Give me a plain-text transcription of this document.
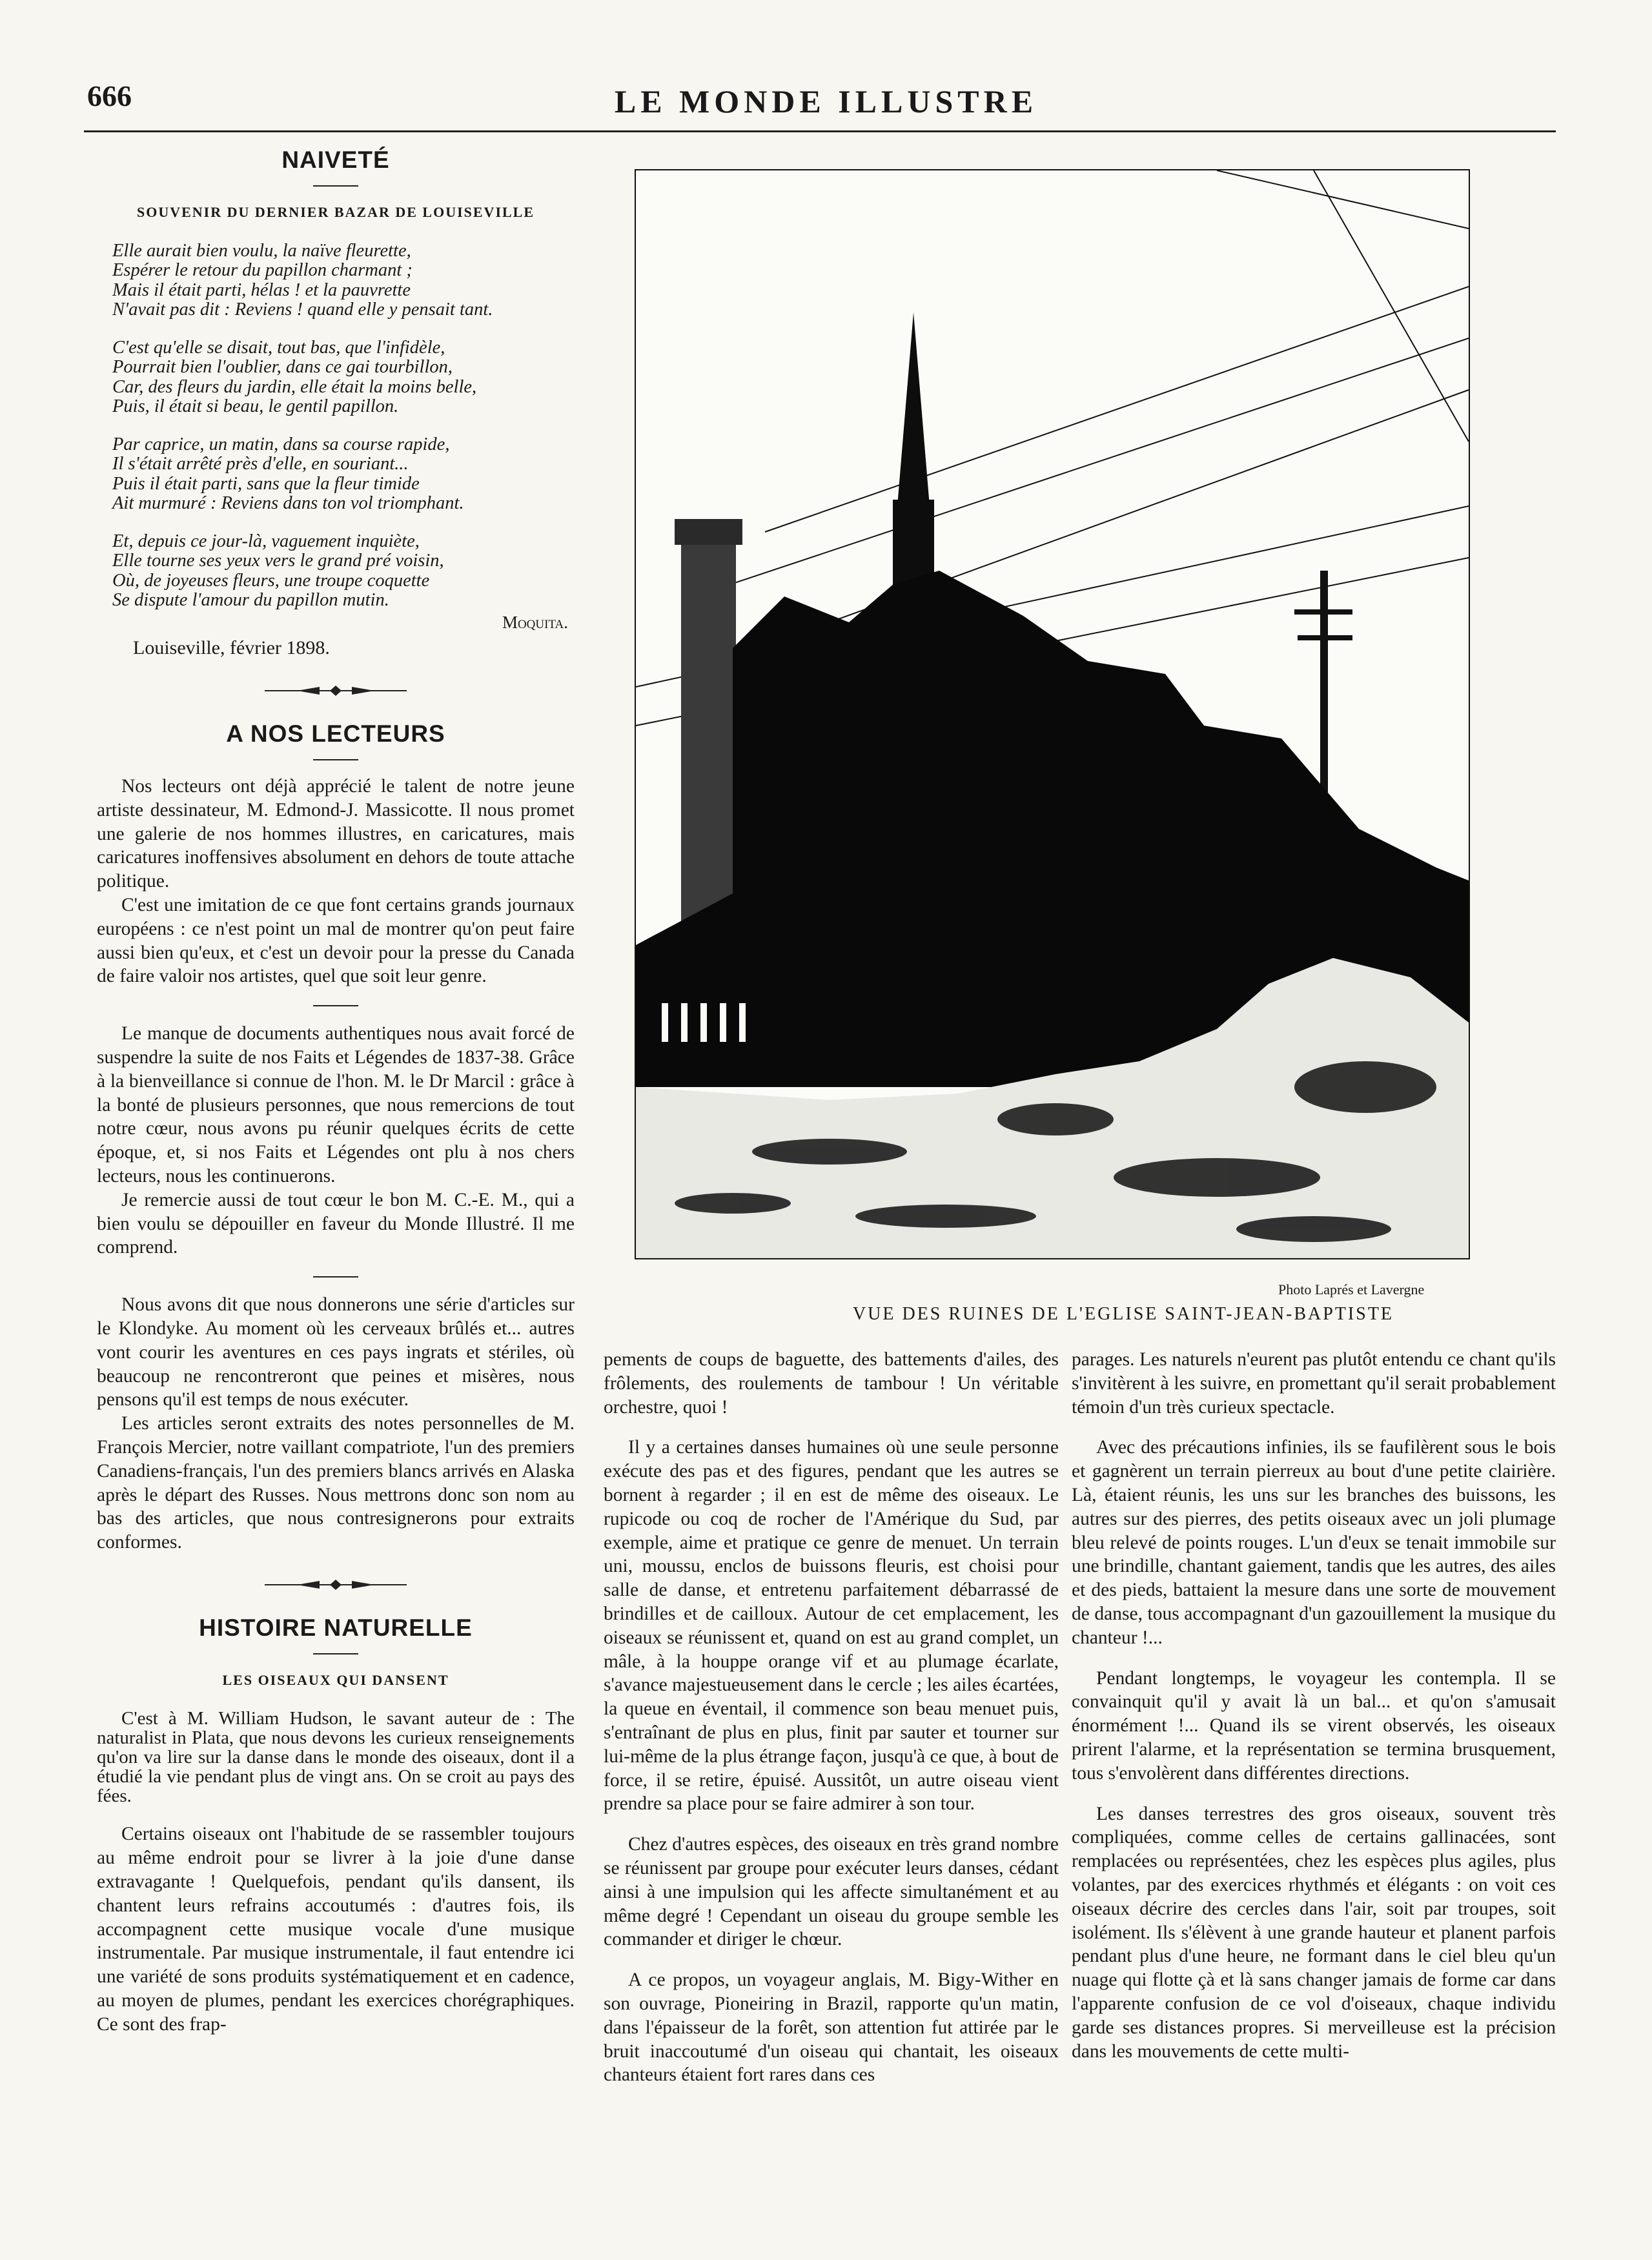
666	LE MONDE ILLUSTRE
NAIVETÉ
SOUVENIR DU DERNIER BAZAR DE LOUISEVILLE
Elle aurait bien voulu, la naïve fleurette,
Espérer le retour du papillon charmant ;
Mais il était parti, hélas ! et la pauvrette
N'avait pas dit : Reviens ! quand elle y pensait tant.
C'est qu'elle se disait, tout bas, que l'infidèle,
Pourrait bien l'oublier, dans ce gai tourbillon,
Car, des fleurs du jardin, elle était la moins belle,
Puis, il était si beau, le gentil papillon.
Par caprice, un matin, dans sa course rapide,
Il s'était arrêté près d'elle, en souriant...
Puis il était parti, sans que la fleur timide
Ait murmuré : Reviens dans ton vol triomphant.
Et, depuis ce jour-là, vaguement inquiète,
Elle tourne ses yeux vers le grand pré voisin,
Où, de joyeuses fleurs, une troupe coquette
Se dispute l'amour du papillon mutin.
Moquita.
Louiseville, février 1898.
A NOS LECTEURS

Nos lecteurs ont déjà apprécié le talent de notre jeune artiste dessinateur, M. Edmond-J. Massicotte. Il nous promet une galerie de nos hommes illustres, en caricatures, mais caricatures inoffensives absolument en dehors de toute attache politique.

C'est une imitation de ce que font certains grands journaux européens : ce n'est point un mal de montrer qu'on peut faire aussi bien qu'eux, et c'est un devoir pour la presse du Canada de faire valoir nos artistes, quel que soit leur genre.

Le manque de documents authentiques nous avait forcé de suspendre la suite de nos Faits et Légendes de 1837-38. Grâce à la bienveillance si connue de l'hon. M. le Dr Marcil : grâce à la bonté de plusieurs personnes, que nous remercions de tout notre cœur, nous avons pu réunir quelques écrits de cette époque, et, si nos Faits et Légendes ont plu à nos chers lecteurs, nous les continuerons.

Je remercie aussi de tout cœur le bon M. C.-E. M., qui a bien voulu se dépouiller en faveur du Monde Illustré. Il me comprend.

Nous avons dit que nous donnerons une série d'articles sur le Klondyke. Au moment où les cerveaux brûlés et... autres vont courir les aventures en ces pays ingrats et stériles, où beaucoup ne rencontreront que peines et misères, nous pensons qu'il est temps de nous exécuter.

Les articles seront extraits des notes personnelles de M. François Mercier, notre vaillant compatriote, l'un des premiers Canadiens-français, l'un des premiers blancs arrivés en Alaska après le départ des Russes. Nous mettrons donc son nom au bas des articles, que nous contresignerons pour extraits conformes.

HISTOIRE NATURELLE
LES OISEAUX QUI DANSENT

C'est à M. William Hudson, le savant auteur de : The naturalist in Plata, que nous devons les curieux renseignements qu'on va lire sur la danse dans le monde des oiseaux, dont il a étudié la vie pendant plus de vingt ans. On se croit au pays des fées.

Certains oiseaux ont l'habitude de se rassembler toujours au même endroit pour se livrer à la joie d'une danse extravagante ! Quelquefois, pendant qu'ils dansent, ils chantent leurs refrains accoutumés : d'autres fois, ils accompagnent cette musique vocale d'une musique instrumentale. Par musique instrumentale, il faut entendre ici une variété de sons produits systématiquement et en cadence, au moyen de plumes, pendant les exercices chorégraphiques. Ce sont des frap-

Photo Laprés et Lavergne
VUE DES RUINES DE L'EGLISE SAINT-JEAN-BAPTISTE

pements de coups de baguette, des battements d'ailes, des frôlements, des roulements de tambour ! Un véritable orchestre, quoi !

Il y a certaines danses humaines où une seule personne exécute des pas et des figures, pendant que les autres se bornent à regarder ; il en est de même des oiseaux. Le rupicode ou coq de rocher de l'Amérique du Sud, par exemple, aime et pratique ce genre de menuet. Un terrain uni, moussu, enclos de buissons fleuris, est choisi pour salle de danse, et entretenu parfaitement débarrassé de brindilles et de cailloux. Autour de cet emplacement, les oiseaux se réunissent et, quand on est au grand complet, un mâle, à la houppe orange vif et au plumage écarlate, s'avance majestueusement dans le cercle ; les ailes écartées, la queue en éventail, il commence son beau menuet puis, s'entraînant de plus en plus, finit par sauter et tourner sur lui-même de la plus étrange façon, jusqu'à ce que, à bout de force, il se retire, épuisé. Aussitôt, un autre oiseau vient prendre sa place pour se faire admirer à son tour.

Chez d'autres espèces, des oiseaux en très grand nombre se réunissent par groupe pour exécuter leurs danses, cédant ainsi à une impulsion qui les affecte simultanément et au même degré ! Cependant un oiseau du groupe semble les commander et diriger le chœur.

A ce propos, un voyageur anglais, M. Bigy-Wither en son ouvrage, Pioneiring in Brazil, rapporte qu'un matin, dans l'épaisseur de la forêt, son attention fut attirée par le bruit inaccoutumé d'un oiseau qui chantait, les oiseaux chanteurs étaient fort rares dans ces

parages. Les naturels n'eurent pas plutôt entendu ce chant qu'ils s'invitèrent à les suivre, en promettant qu'il serait probablement témoin d'un très curieux spectacle.

Avec des précautions infinies, ils se faufilèrent sous le bois et gagnèrent un terrain pierreux au bout d'une petite clairière. Là, étaient réunis, les uns sur les branches des buissons, les autres sur des pierres, des petits oiseaux avec un joli plumage bleu relevé de points rouges. L'un d'eux se tenait immobile sur une brindille, chantant gaiement, tandis que les autres, des ailes et des pieds, battaient la mesure dans une sorte de mouvement de danse, tous accompagnant d'un gazouillement la musique du chanteur !...

Pendant longtemps, le voyageur les contempla. Il se convainquit qu'il y avait là un bal... et qu'on s'amusait énormément !... Quand ils se virent observés, les oiseaux prirent l'alarme, et la représentation se termina brusquement, tous s'envolèrent dans différentes directions.

Les danses terrestres des gros oiseaux, souvent très compliquées, comme celles de certains gallinacées, sont remplacées ou représentées, chez les espèces plus agiles, plus volantes, par des exercices rhythmés et élégants : on voit ces oiseaux décrire des cercles dans l'air, soit par troupes, soit isolément. Ils s'élèvent à une grande hauteur et planent parfois pendant plus d'une heure, ne formant dans le ciel bleu qu'un nuage qui flotte çà et là sans changer jamais de forme car dans l'apparente confusion de ce vol d'oiseaux, chaque individu garde ses distances propres. Si merveilleuse est la précision dans les mouvements de cette multi-
